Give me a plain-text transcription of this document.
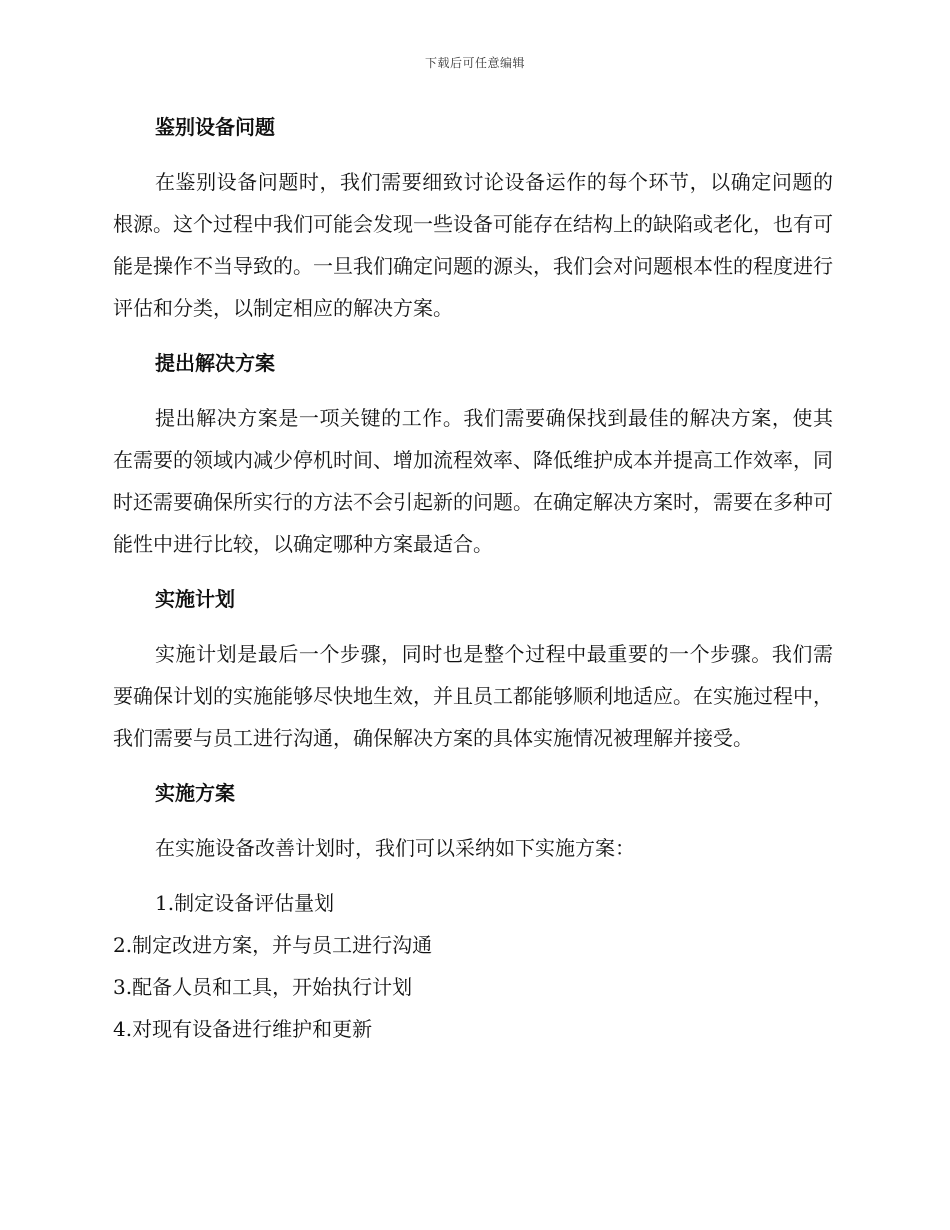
下载后可任意编辑
鉴别设备问题

在鉴别设备问题时，我们需要细致讨论设备运作的每个环节，以确定问题的根源。这个过程中我们可能会发现一些设备可能存在结构上的缺陷或老化，也有可能是操作不当导致的。一旦我们确定问题的源头，我们会对问题根本性的程度进行评估和分类，以制定相应的解决方案。

提出解决方案

提出解决方案是一项关键的工作。我们需要确保找到最佳的解决方案，使其在需要的领域内减少停机时间、增加流程效率、降低维护成本并提高工作效率，同时还需要确保所实行的方法不会引起新的问题。在确定解决方案时，需要在多种可能性中进行比较，以确定哪种方案最适合。

实施计划

实施计划是最后一个步骤，同时也是整个过程中最重要的一个步骤。我们需要确保计划的实施能够尽快地生效，并且员工都能够顺利地适应。在实施过程中，我们需要与员工进行沟通，确保解决方案的具体实施情况被理解并接受。

实施方案

在实施设备改善计划时，我们可以采纳如下实施方案：

1.制定设备评估量划
2.制定改进方案，并与员工进行沟通
3.配备人员和工具，开始执行计划
4.对现有设备进行维护和更新
